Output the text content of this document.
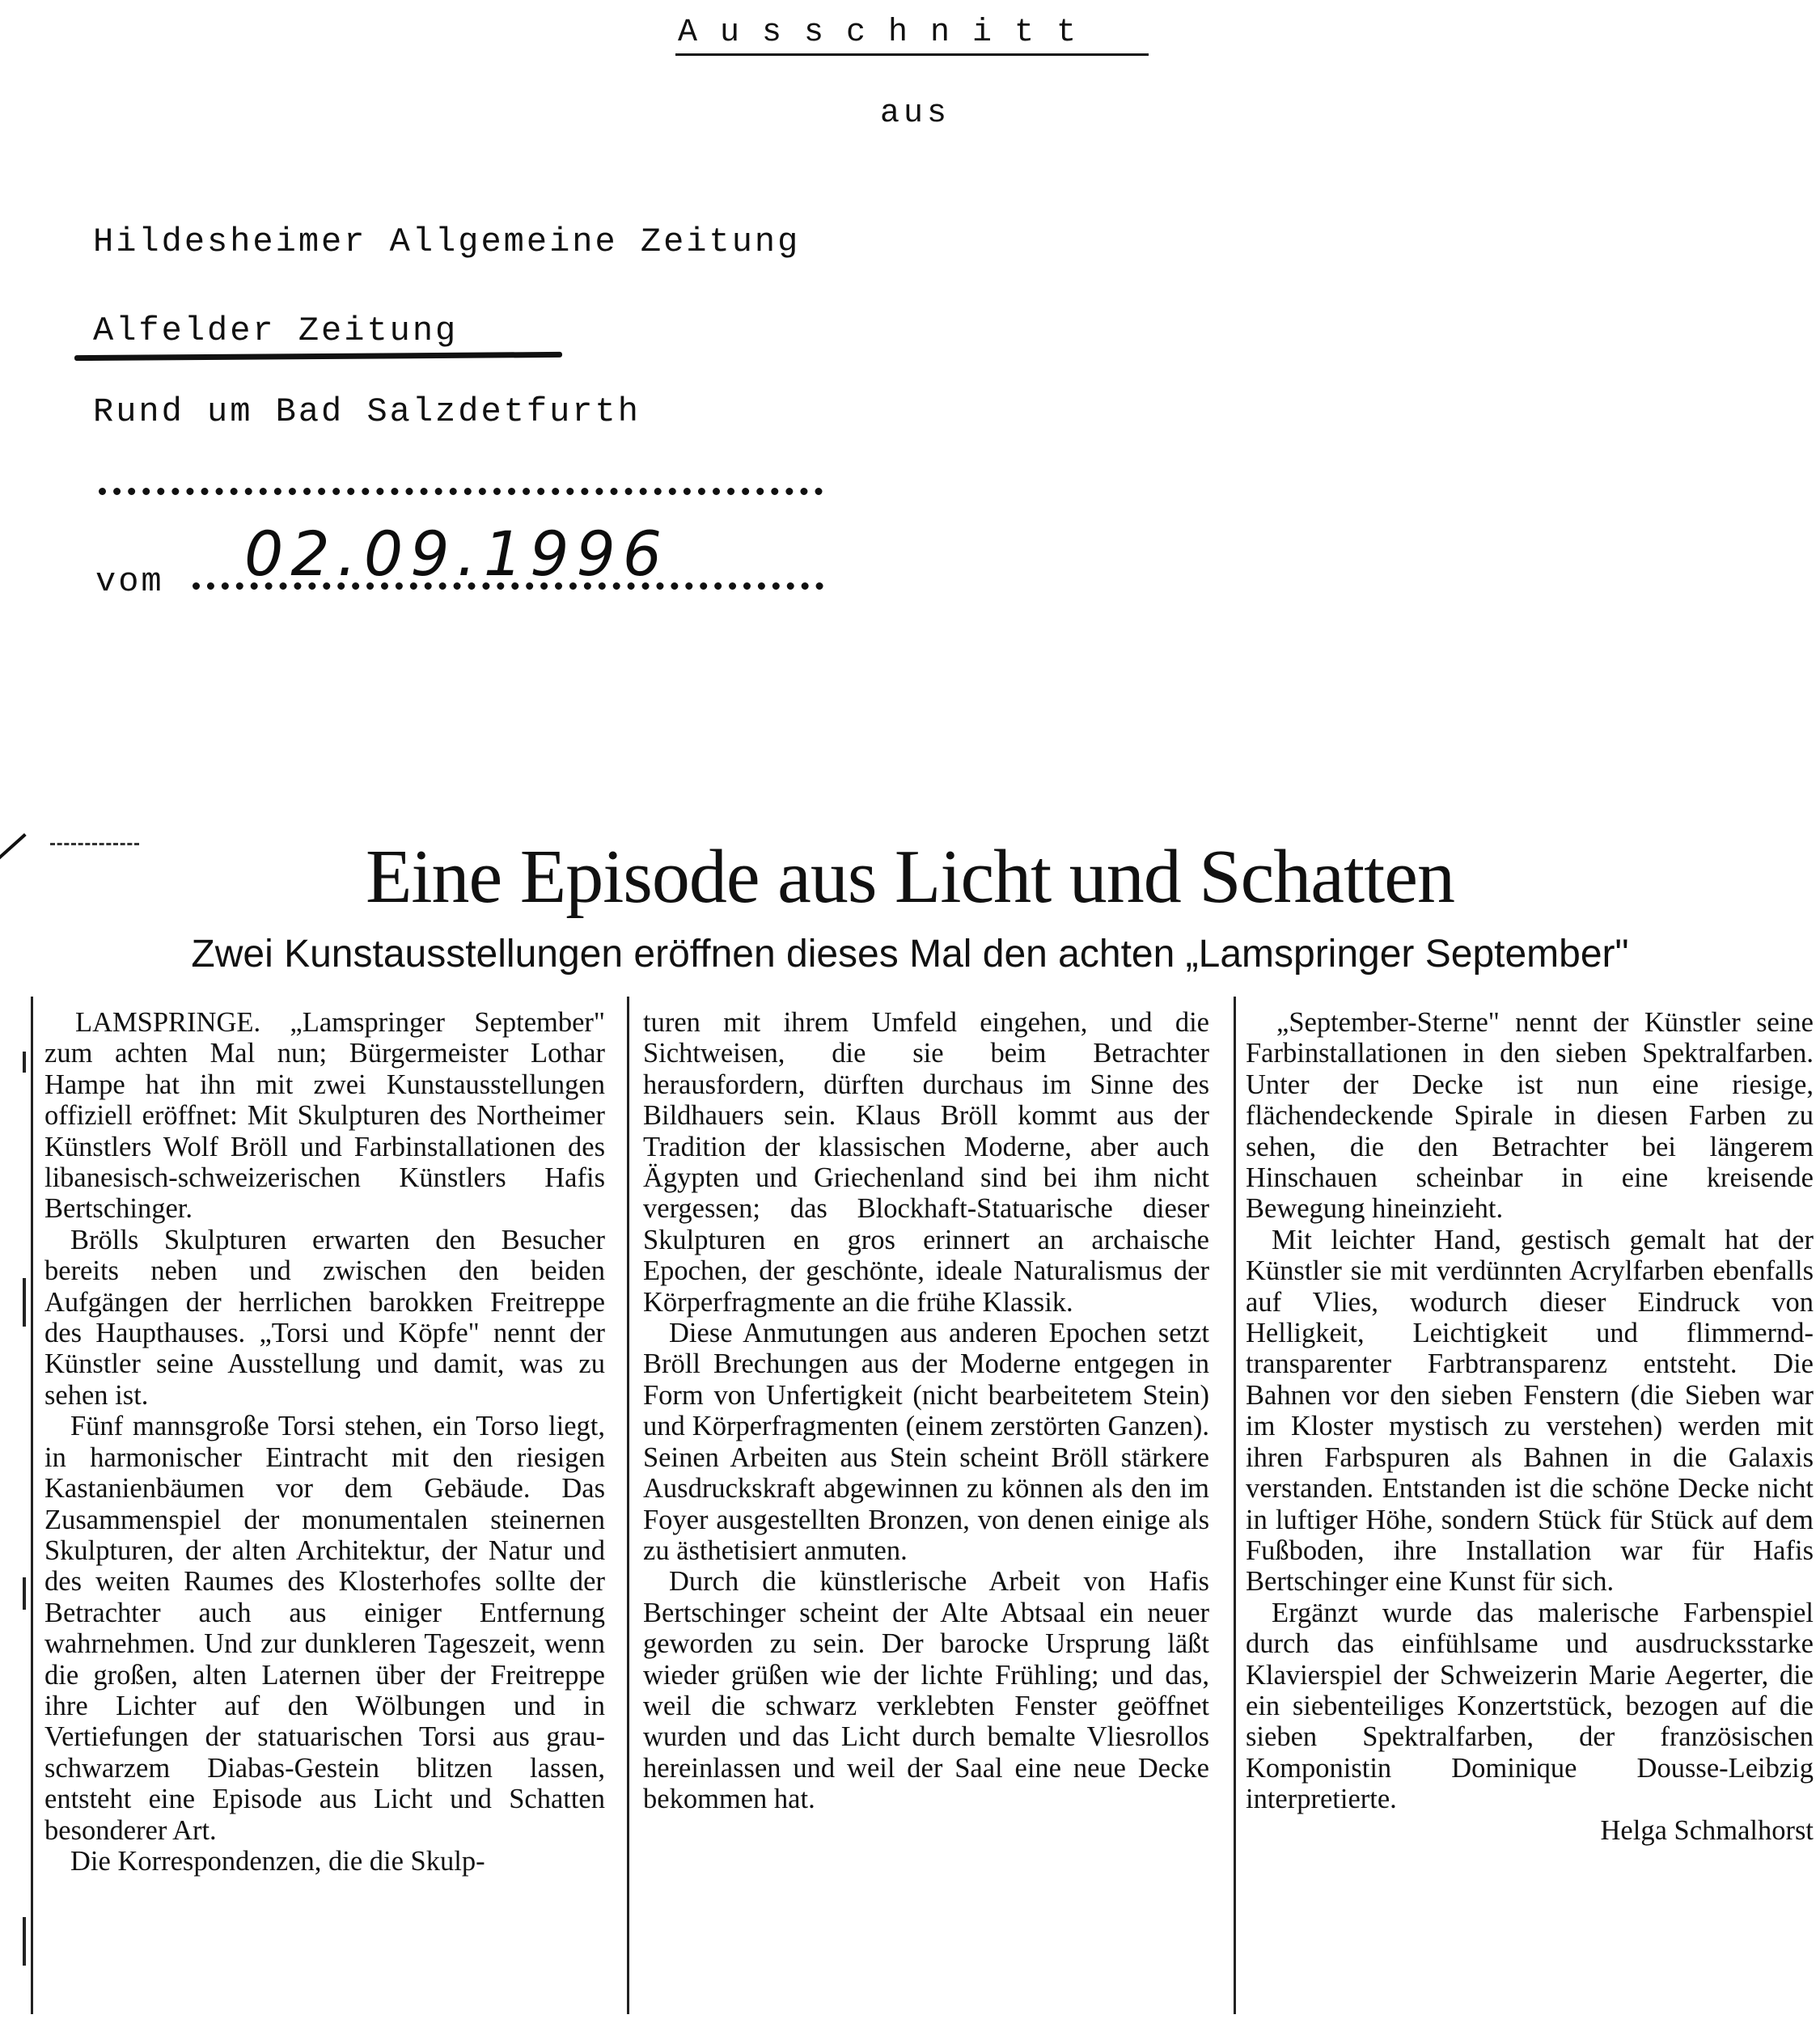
Ausschnitt
aus
Hildesheimer Allgemeine Zeitung
Alfelder Zeitung
Rund um Bad Salzdetfurth
vom 02.09.1996
Eine Episode aus Licht und Schatten
Zwei Kunstausstellungen eröffnen dieses Mal den achten „Lamspringer September"

LAMSPRINGE. „Lamspringer September" zum achten Mal nun; Bürgermeister Lothar Hampe hat ihn mit zwei Kunstausstellungen offiziell eröffnet: Mit Skulpturen des Northeimer Künstlers Wolf Bröll und Farbinstallationen des libanesisch-schweizerischen Künstlers Hafis Bertschinger.

Brölls Skulpturen erwarten den Besucher bereits neben und zwischen den beiden Aufgängen der herrlichen barokken Freitreppe des Haupthauses. „Torsi und Köpfe" nennt der Künstler seine Ausstellung und damit, was zu sehen ist.

Fünf mannsgroße Torsi stehen, ein Torso liegt, in harmonischer Eintracht mit den riesigen Kastanienbäumen vor dem Gebäude. Das Zusammenspiel der monumentalen steinernen Skulpturen, der alten Architektur, der Natur und des weiten Raumes des Klosterhofes sollte der Betrachter auch aus einiger Entfernung wahrnehmen. Und zur dunkleren Tageszeit, wenn die großen, alten Laternen über der Freitreppe ihre Lichter auf den Wölbungen und in Vertiefungen der statuarischen Torsi aus grau-schwarzem Diabas-Gestein blitzen lassen, entsteht eine Episode aus Licht und Schatten besonderer Art.

Die Korrespondenzen, die die Skulp-

turen mit ihrem Umfeld eingehen, und die Sichtweisen, die sie beim Betrachter herausfordern, dürften durchaus im Sinne des Bildhauers sein. Klaus Bröll kommt aus der Tradition der klassischen Moderne, aber auch Ägypten und Griechenland sind bei ihm nicht vergessen; das Blockhaft-Statuarische dieser Skulpturen en gros erinnert an archaische Epochen, der geschönte, ideale Naturalismus der Körperfragmente an die frühe Klassik.

Diese Anmutungen aus anderen Epochen setzt Bröll Brechungen aus der Moderne entgegen in Form von Unfertigkeit (nicht bearbeitetem Stein) und Körperfragmenten (einem zerstörten Ganzen). Seinen Arbeiten aus Stein scheint Bröll stärkere Ausdruckskraft abgewinnen zu können als den im Foyer ausgestellten Bronzen, von denen einige als zu ästhetisiert anmuten.

Durch die künstlerische Arbeit von Hafis Bertschinger scheint der Alte Abtsaal ein neuer geworden zu sein. Der barocke Ursprung läßt wieder grüßen wie der lichte Frühling; und das, weil die schwarz verklebten Fenster geöffnet wurden und das Licht durch bemalte Vliesrollos hereinlassen und weil der Saal eine neue Decke bekommen hat.

„September-Sterne" nennt der Künstler seine Farbinstallationen in den sieben Spektralfarben. Unter der Decke ist nun eine riesige, flächendeckende Spirale in diesen Farben zu sehen, die den Betrachter bei längerem Hinschauen scheinbar in eine kreisende Bewegung hineinzieht.

Mit leichter Hand, gestisch gemalt hat der Künstler sie mit verdünnten Acrylfarben ebenfalls auf Vlies, wodurch dieser Eindruck von Helligkeit, Leichtigkeit und flimmernd-transparenter Farbtransparenz entsteht. Die Bahnen vor den sieben Fenstern (die Sieben war im Kloster mystisch zu verstehen) werden mit ihren Farbspuren als Bahnen in die Galaxis verstanden. Entstanden ist die schöne Decke nicht in luftiger Höhe, sondern Stück für Stück auf dem Fußboden, ihre Installation war für Hafis Bertschinger eine Kunst für sich.

Ergänzt wurde das malerische Farbenspiel durch das einfühlsame und ausdrucksstarke Klavierspiel der Schweizerin Marie Aegerter, die ein siebenteiliges Konzertstück, bezogen auf die sieben Spektralfarben, der französischen Komponistin Dominique Dousse-Leibzig interpretierte.

Helga Schmalhorst
